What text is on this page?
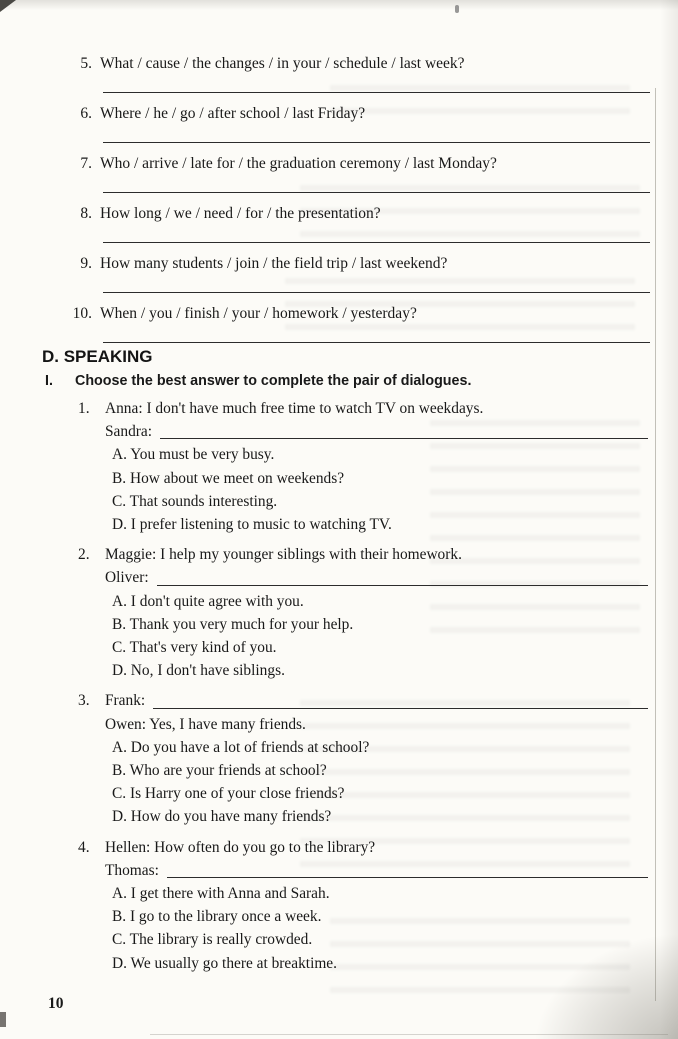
5. What / cause / the changes / in your / schedule / last week?
6. Where / he / go / after school / last Friday?
7. Who / arrive / late for / the graduation ceremony / last Monday?
8. How long / we / need / for / the presentation?
9. How many students / join / the field trip / last weekend?
10. When / you / finish / your / homework / yesterday?
D. SPEAKING
I.	Choose the best answer to complete the pair of dialogues.
1. Anna: I don't have much free time to watch TV on weekdays.
Sandra:
A. You must be very busy.
B. How about we meet on weekends?
C. That sounds interesting.
D. I prefer listening to music to watching TV.
2. Maggie: I help my younger siblings with their homework.
Oliver:
A. I don't quite agree with you.
B. Thank you very much for your help.
C. That's very kind of you.
D. No, I don't have siblings.
3. Frank:
Owen: Yes, I have many friends.
A. Do you have a lot of friends at school?
B. Who are your friends at school?
C. Is Harry one of your close friends?
D. How do you have many friends?
4. Hellen: How often do you go to the library?
Thomas:
A. I get there with Anna and Sarah.
B. I go to the library once a week.
C. The library is really crowded.
D. We usually go there at breaktime.
10
